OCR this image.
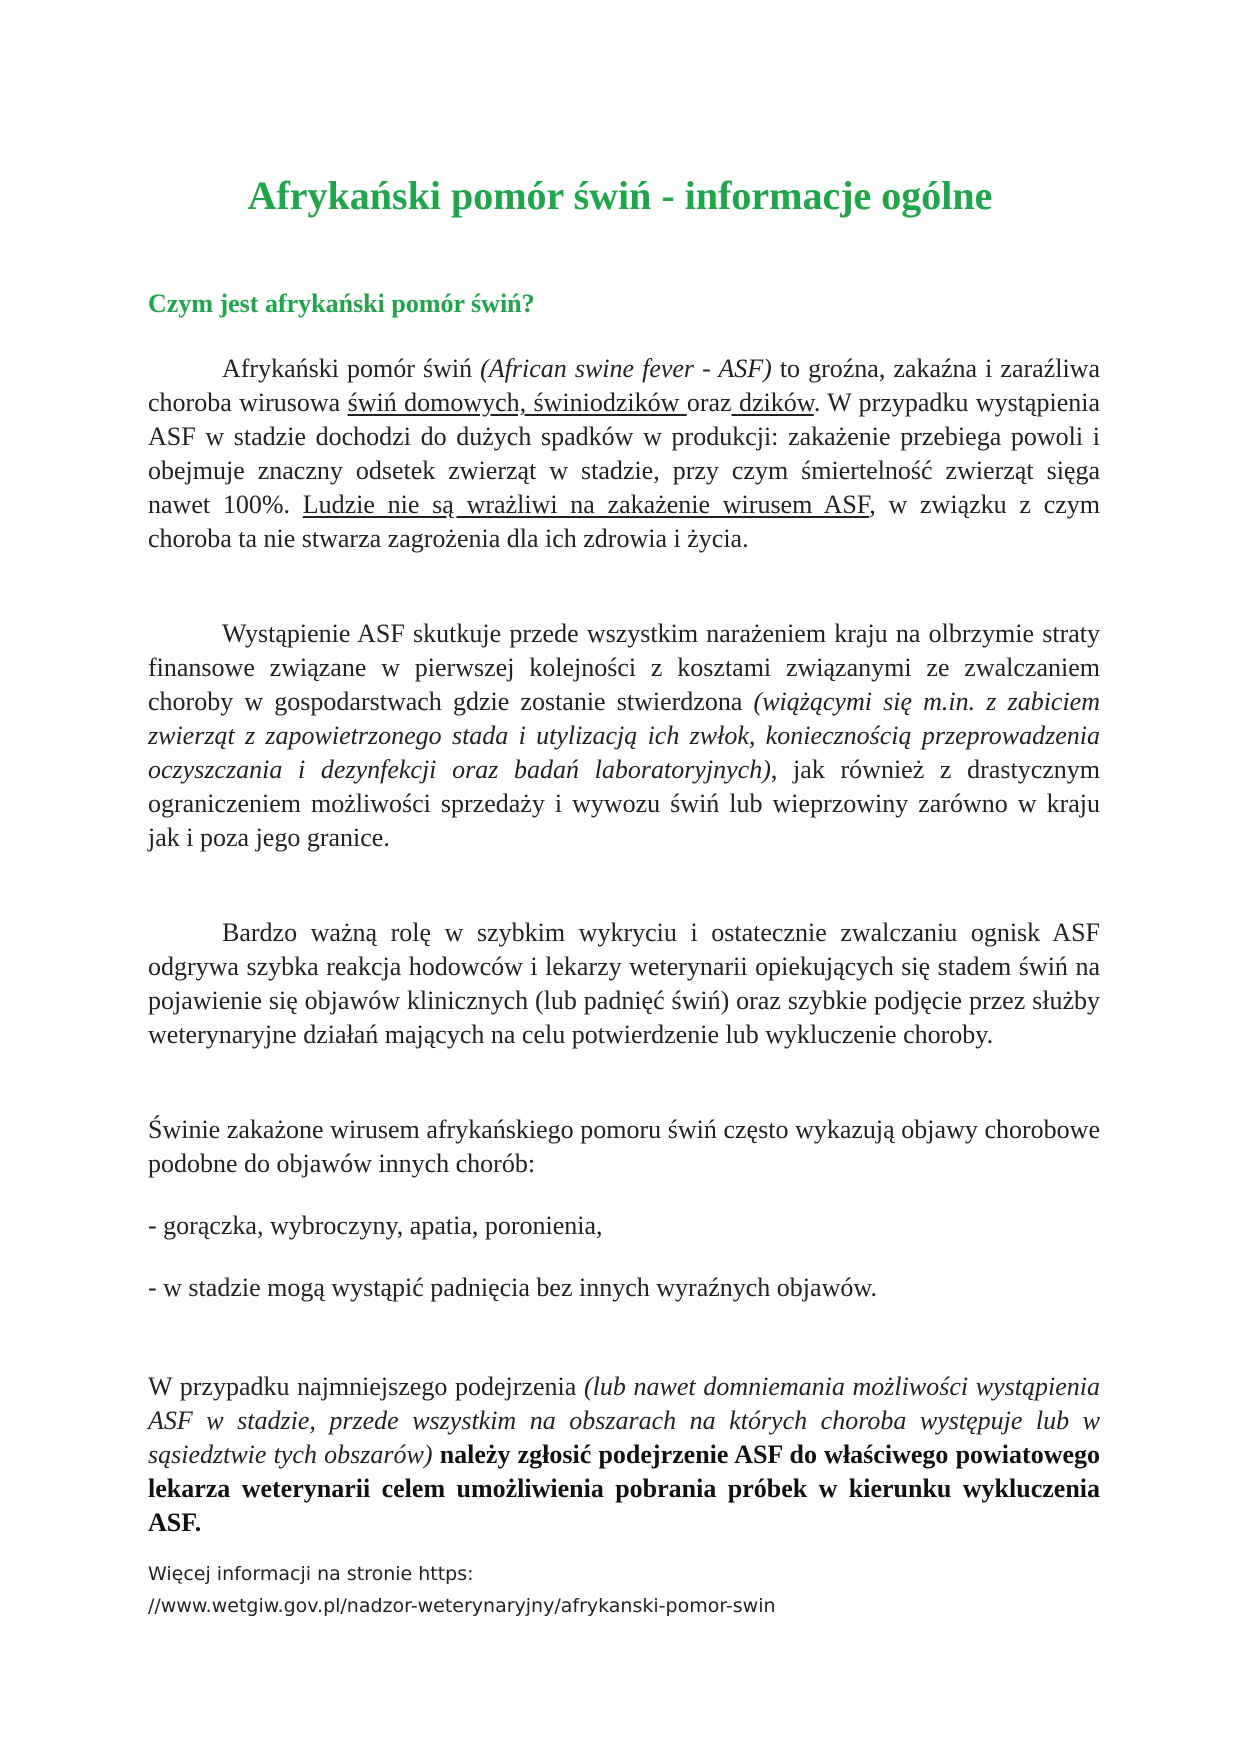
Afrykański pomór świń - informacje ogólne
Czym jest afrykański pomór świń?

Afrykański pomór świń (African swine fever - ASF) to groźna, zakaźna i zaraźliwa choroba wirusowa świń domowych, świniodzików oraz dzików. W przypadku wystąpienia ASF w stadzie dochodzi do dużych spadków w produkcji: zakażenie przebiega powoli i obejmuje znaczny odsetek zwierząt w stadzie, przy czym śmiertelność zwierząt sięga nawet 100%. Ludzie nie są wrażliwi na zakażenie wirusem ASF, w związku z czym choroba ta nie stwarza zagrożenia dla ich zdrowia i życia.

Wystąpienie ASF skutkuje przede wszystkim narażeniem kraju na olbrzymie straty finansowe związane w pierwszej kolejności z kosztami związanymi ze zwalczaniem choroby w gospodarstwach gdzie zostanie stwierdzona (wiążącymi się m.in. z zabiciem zwierząt z zapowietrzonego stada i utylizacją ich zwłok, koniecznością przeprowadzenia oczyszczania i dezynfekcji oraz badań laboratoryjnych), jak również z drastycznym ograniczeniem możliwości sprzedaży i wywozu świń lub wieprzowiny zarówno w kraju jak i poza jego granice.

Bardzo ważną rolę w szybkim wykryciu i ostatecznie zwalczaniu ognisk ASF odgrywa szybka reakcja hodowców i lekarzy weterynarii opiekujących się stadem świń na pojawienie się objawów klinicznych (lub padnięć świń) oraz szybkie podjęcie przez służby weterynaryjne działań mających na celu potwierdzenie lub wykluczenie choroby.

Świnie zakażone wirusem afrykańskiego pomoru świń często wykazują objawy chorobowe podobne do objawów innych chorób:

- gorączka, wybroczyny, apatia, poronienia,

- w stadzie mogą wystąpić padnięcia bez innych wyraźnych objawów.

W przypadku najmniejszego podejrzenia (lub nawet domniemania możliwości wystąpienia ASF w stadzie, przede wszystkim na obszarach na których choroba występuje lub w sąsiedztwie tych obszarów) należy zgłosić podejrzenie ASF do właściwego powiatowego lekarza weterynarii celem umożliwienia pobrania próbek w kierunku wykluczenia ASF.

Więcej informacji na stronie https:
//www.wetgiw.gov.pl/nadzor-weterynaryjny/afrykanski-pomor-swin
